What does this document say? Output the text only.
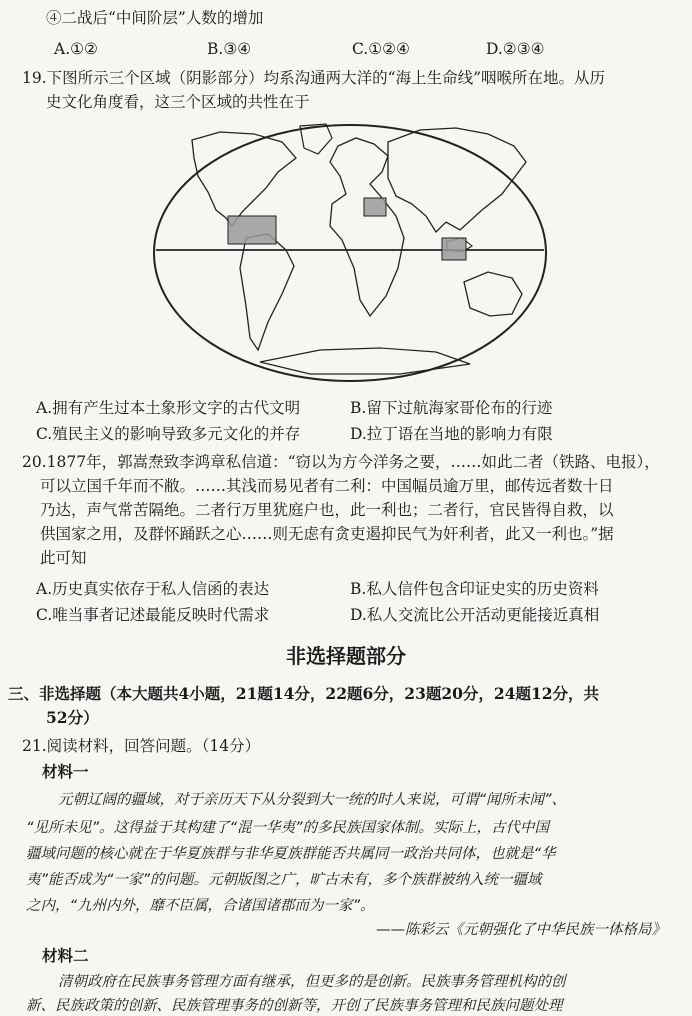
④二战后“中间阶层”人数的增加
A.①②	B.③④	C.①②④	D.②③④
19.下图所示三个区域（阴影部分）均系沟通两大洋的“海上生命线”咽喉所在地。从历
史文化角度看，这三个区域的共性在于
A.拥有产生过本土象形文字的古代文明	B.留下过航海家哥伦布的行迹
C.殖民主义的影响导致多元文化的并存	D.拉丁语在当地的影响力有限
20.1877年，郭嵩焘致李鸿章私信道：“窃以为方今洋务之要，……如此二者（铁路、电报），
可以立国千年而不敝。……其浅而易见者有二利：中国幅员逾万里，邮传远者数十日
乃达，声气常苦隔绝。二者行万里犹庭户也，此一利也；二者行，官民皆得自救，以
供国家之用，及群怀踊跃之心……则无虑有贪吏遏抑民气为奸利者，此又一利也。”据
此可知
A.历史真实依存于私人信函的表达	B.私人信件包含印证史实的历史资料
C.唯当事者记述最能反映时代需求	D.私人交流比公开活动更能接近真相
非选择题部分
三、非选择题（本大题共4小题，21题14分，22题6分，23题20分，24题12分，共
52分）
21.阅读材料，回答问题。（14分）
材料一
元朝辽阔的疆域，对于亲历天下从分裂到大一统的时人来说，可谓“闻所未闻”、
“见所未见”。这得益于其构建了“混一华夷”的多民族国家体制。实际上，古代中国
疆域问题的核心就在于华夏族群与非华夏族群能否共属同一政治共同体，也就是“华
夷”能否成为“一家”的问题。元朝版图之广，旷古未有，多个族群被纳入统一疆域
之内，“九州内外，靡不臣属，合诸国诸郡而为一家”。
——陈彩云《元朝强化了中华民族一体格局》
材料二
清朝政府在民族事务管理方面有继承，但更多的是创新。民族事务管理机构的创
新、民族政策的创新、民族管理事务的创新等，开创了民族事务管理和民族问题处理
